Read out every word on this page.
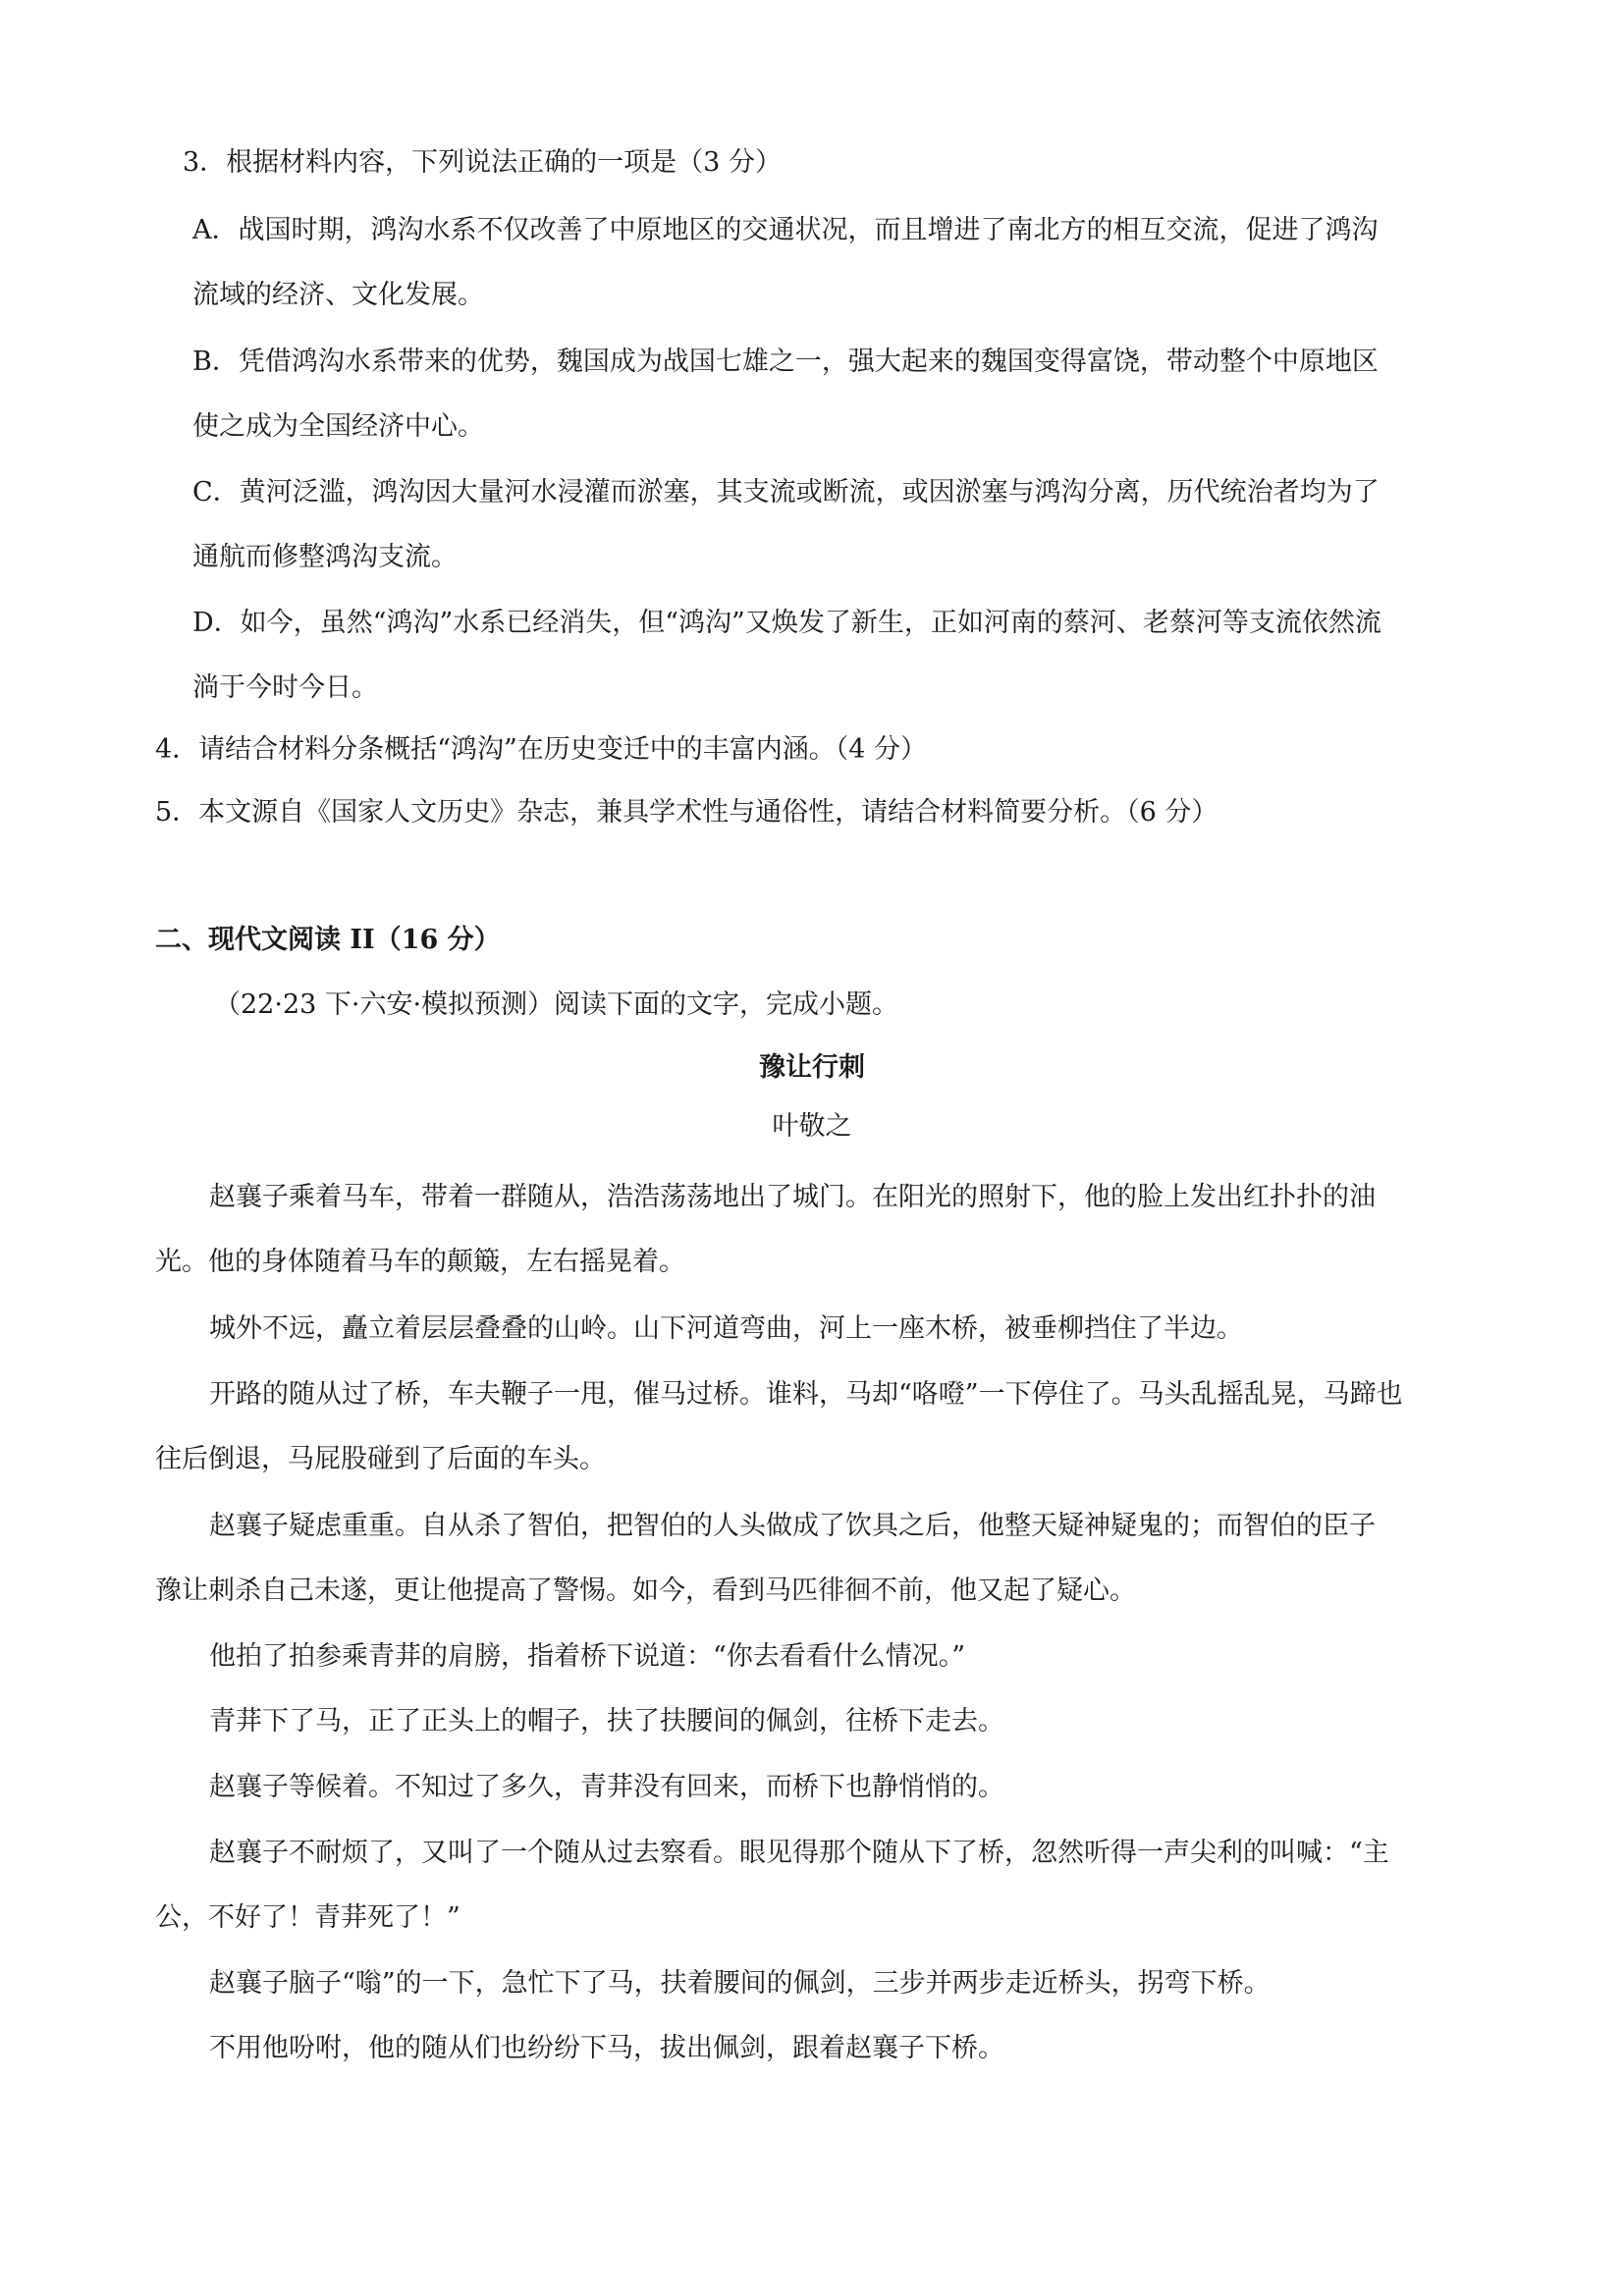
3．根据材料内容，下列说法正确的一项是（3 分）
A．战国时期，鸿沟水系不仅改善了中原地区的交通状况，而且增进了南北方的相互交流，促进了鸿沟
流域的经济、文化发展。
B．凭借鸿沟水系带来的优势，魏国成为战国七雄之一，强大起来的魏国变得富饶，带动整个中原地区
使之成为全国经济中心。
C．黄河泛滥，鸿沟因大量河水浸灌而淤塞，其支流或断流，或因淤塞与鸿沟分离，历代统治者均为了
通航而修整鸿沟支流。
D．如今，虽然“鸿沟”水系已经消失，但“鸿沟”又焕发了新生，正如河南的蔡河、老蔡河等支流依然流
淌于今时今日。
4．请结合材料分条概括“鸿沟”在历史变迁中的丰富内涵。（4 分）
5．本文源自《国家人文历史》杂志，兼具学术性与通俗性，请结合材料简要分析。（6 分）
二、现代文阅读 II（16 分）
（22·23 下·六安·模拟预测）阅读下面的文字，完成小题。
豫让行刺
叶敬之
赵襄子乘着马车，带着一群随从，浩浩荡荡地出了城门。在阳光的照射下，他的脸上发出红扑扑的油
光。他的身体随着马车的颠簸，左右摇晃着。
城外不远，矗立着层层叠叠的山岭。山下河道弯曲，河上一座木桥，被垂柳挡住了半边。
开路的随从过了桥，车夫鞭子一甩，催马过桥。谁料，马却“咯噔”一下停住了。马头乱摇乱晃，马蹄也
往后倒退，马屁股碰到了后面的车头。
赵襄子疑虑重重。自从杀了智伯，把智伯的人头做成了饮具之后，他整天疑神疑鬼的；而智伯的臣子
豫让刺杀自己未遂，更让他提高了警惕。如今，看到马匹徘徊不前，他又起了疑心。
他拍了拍参乘青荓的肩膀，指着桥下说道：“你去看看什么情况。”
青荓下了马，正了正头上的帽子，扶了扶腰间的佩剑，往桥下走去。
赵襄子等候着。不知过了多久，青荓没有回来，而桥下也静悄悄的。
赵襄子不耐烦了，又叫了一个随从过去察看。眼见得那个随从下了桥，忽然听得一声尖利的叫喊：“主
公，不好了！青荓死了！”
赵襄子脑子“嗡”的一下，急忙下了马，扶着腰间的佩剑，三步并两步走近桥头，拐弯下桥。
不用他吩咐，他的随从们也纷纷下马，拔出佩剑，跟着赵襄子下桥。
